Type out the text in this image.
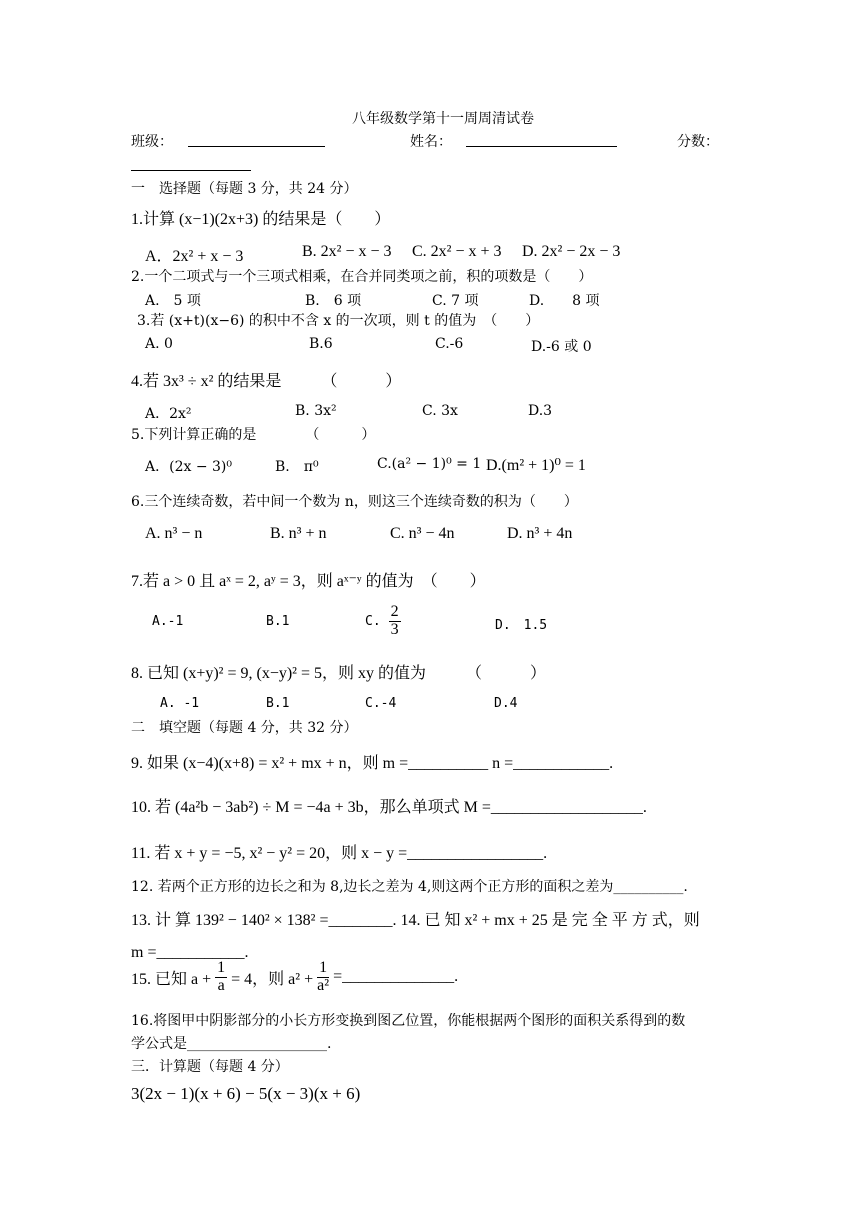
八年级数学第十一周周清试卷
班级：	姓名：	分数：
一　选择题（每题 3 分，共 24 分）
1.计算 (x−1)(2x+3) 的结果是（　　）
A．2x² + x − 3	B. 2x² − x − 3 C. 2x² − x + 3 D. 2x² − 2x − 3
2.一个二项式与一个三项式相乘，在合并同类项之前，积的项数是（　　）
A.　5 项	B.　6 项	C. 7 项	D.　　8 项
3.若 (x+t)(x−6) 的积中不含 x 的一次项，则 t 的值为　（　　）
A. 0	B.6	C.-6	D.-6 或 0
4.若 3x³ ÷ x² 的结果是　　　（　　　）
A．2x²	B. 3x²	C. 3x	D.3
5.下列计算正确的是　　　　（　　　）
A．(2x − 3)⁰	B.　π⁰	C.(a² − 1)⁰ = 1 D.(m² + 1)⁰ = 1
6.三个连续奇数，若中间一个数为 n，则这三个连续奇数的积为（　　）
A. n³ − n	B. n³ + n	C. n³ − 4n	D. n³ + 4n
7.若 a > 0 且 aˣ = 2, aʸ = 3，则 aˣ⁻ʸ 的值为　（　　）
A.-1	B.1	C. $\frac{2}{3}$	D.　1.5
8. 已知 (x+y)² = 9, (x−y)² = 5，则 xy 的值为　　　（　　　）
A. -1	B.1	C.-4	D.4
二　填空题（每题 4 分，共 32 分）
9. 如果 (x−4)(x+8) = x² + mx + n，则 m =__________ n =____________.
10. 若 (4a²b − 3ab²) ÷ M = −4a + 3b，那么单项式 M =___________________.
11. 若 x + y = −5, x² − y² = 20，则 x − y =_________________.
12. 若两个正方形的边长之和为 8,边长之差为 4,则这两个正方形的面积之差为__________.
13. 计 算 139² − 140² × 138² =________. 14. 已 知 x² + mx + 25 是 完 全 平 方 式，则
m =___________.
15. 已知 $a + \frac{1}{a} = 4$，则 $a^2 + \frac{1}{\text{a²}}$ =______________.
16.将图甲中阴影部分的小长方形变换到图乙位置，你能根据两个图形的面积关系得到的数
学公式是____________________.
三．计算题（每题 4 分）
3(2x − 1)(x + 6) − 5(x − 3)(x + 6)
